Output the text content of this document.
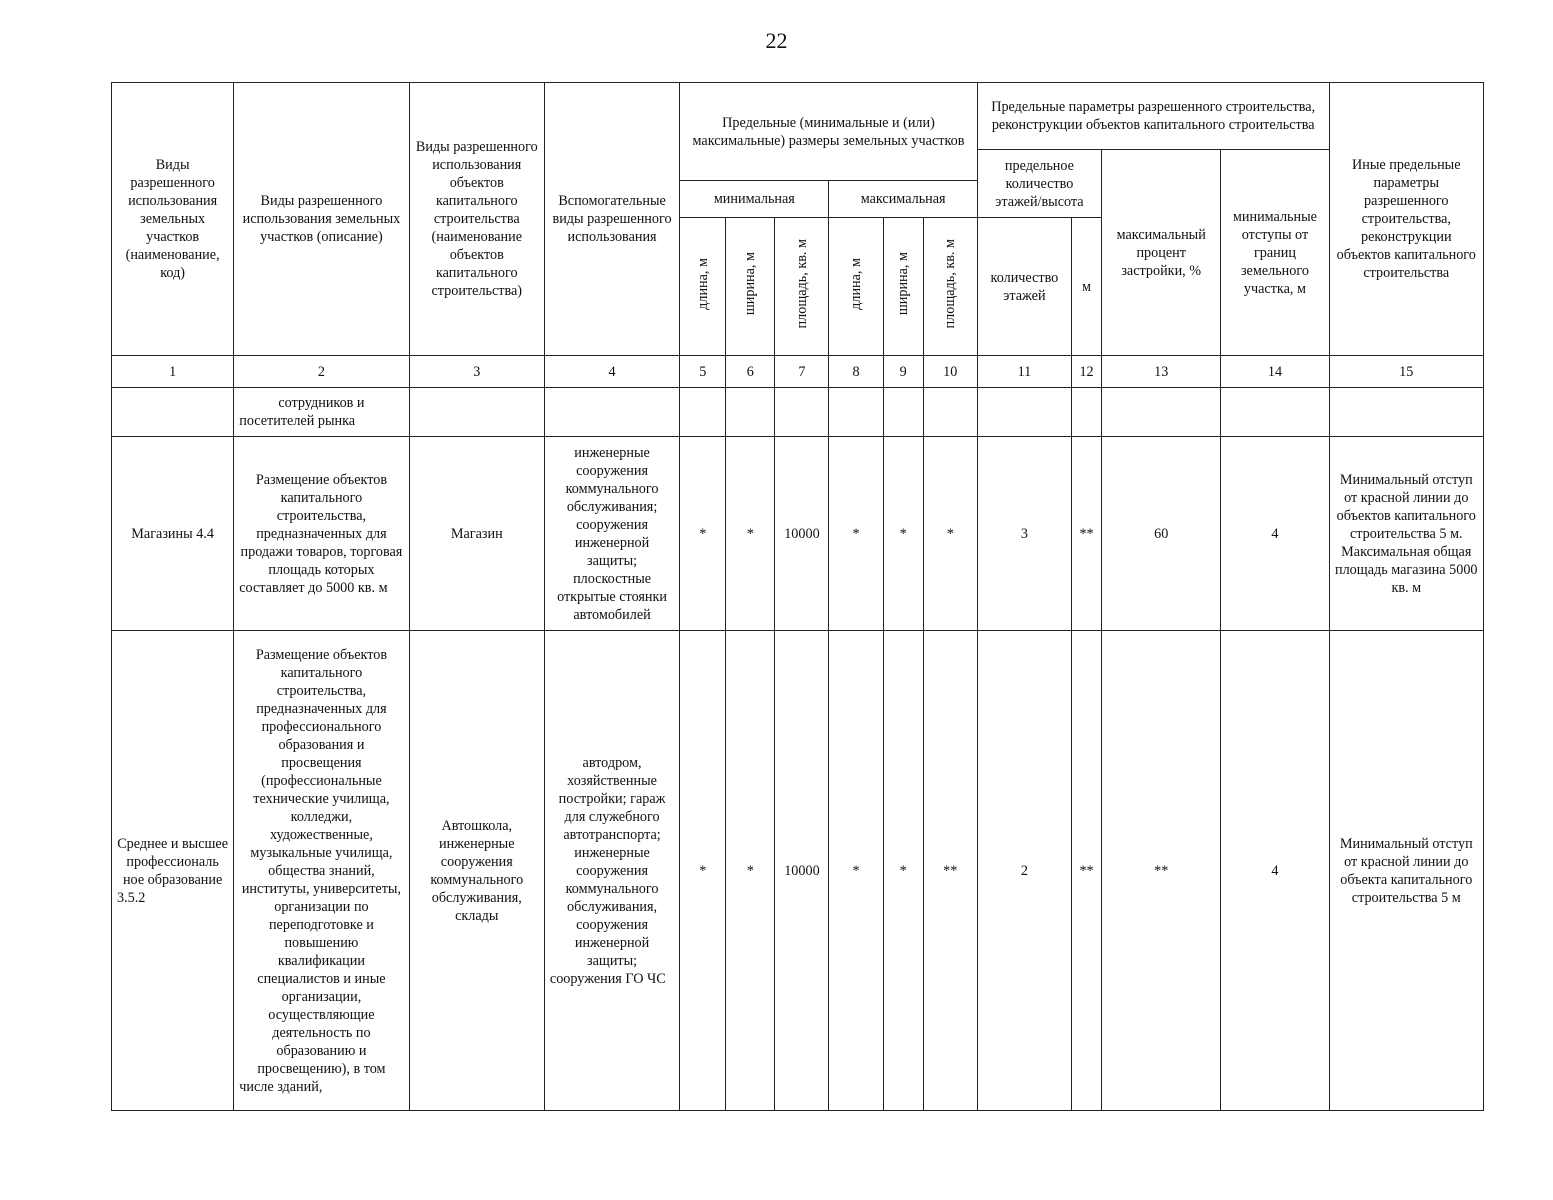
22
Виды разрешенного использования земельных участков (наименование, код)	Виды разрешенного использования земельных участков (описание)	Виды разрешенного использования объектов капитального строительства (наименование объектов капитального строительства)	Вспомогательные виды разрешенного использования	Предельные (минимальные и (или) максимальные) размеры земельных участков						Предельные параметры разрешенного строительства, реконструкции объектов капитального строительства				Иные предельные параметры разрешенного строительства, реконструкции объектов капитального строительства
										предельное количество этажей/высота		максимальный процент застройки, %	минимальные отступы от границ земельного участка, м	
				минимальная			максимальная							
				длина, м	ширина, м	площадь, кв. м	длина, м	ширина, м	площадь, кв. м	количество этажей	м			
1	2	3	4	5	6	7	8	9	10	11	12	13	14	15
	сотрудников и посетителей рынка													
Магазины 4.4	Размещение объектов капитального строительства, предназначенных для продажи товаров, торговая площадь которых составляет до 5000 кв. м	Магазин	инженерные сооружения коммунального обслуживания; сооружения инженерной защиты; плоскостные открытые стоянки автомобилей	*	*	10000	*	*	*	3	**	60	4	Минимальный отступ от красной линии до объектов капитального строительства 5 м. Максимальная общая площадь магазина 5000 кв. м
Среднее и высшее профессиональ ное образование 3.5.2	Размещение объектов капитального строительства, предназначенных для профессионального образования и просвещения (профессиональные технические училища, колледжи, художественные, музыкальные училища, общества знаний, институты, университеты, организации по переподготовке и повышению квалификации специалистов и иные организации, осуществляющие деятельность по образованию и просвещению), в том числе зданий,	Автошкола, инженерные сооружения коммунального обслуживания, склады	автодром, хозяйственные постройки; гараж для служебного автотранспорта; инженерные сооружения коммунального обслуживания, сооружения инженерной защиты; сооружения ГО ЧС	*	*	10000	*	*	**	2	**	**	4	Минимальный отступ от красной линии до объекта капитального строительства 5 м
